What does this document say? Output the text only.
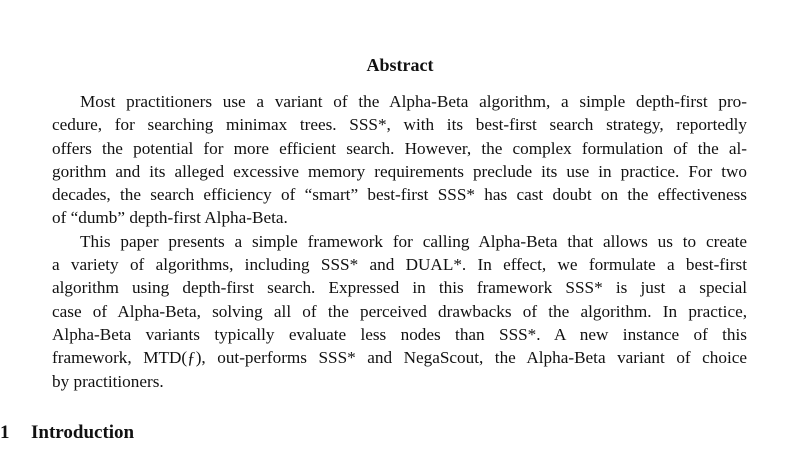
Abstract
Most practitioners use a variant of the Alpha-Beta algorithm, a simple depth-first pro-
cedure, for searching minimax trees. SSS*, with its best-first search strategy, reportedly
offers the potential for more efficient search. However, the complex formulation of the al-
gorithm and its alleged excessive memory requirements preclude its use in practice. For two
decades, the search efficiency of “smart” best-first SSS* has cast doubt on the effectiveness
of “dumb” depth-first Alpha-Beta.
This paper presents a simple framework for calling Alpha-Beta that allows us to create
a variety of algorithms, including SSS* and DUAL*. In effect, we formulate a best-first
algorithm using depth-first search. Expressed in this framework SSS* is just a special
case of Alpha-Beta, solving all of the perceived drawbacks of the algorithm. In practice,
Alpha-Beta variants typically evaluate less nodes than SSS*. A new instance of this
framework, MTD(ƒ), out-performs SSS* and NegaScout, the Alpha-Beta variant of choice
by practitioners.
1 Introduction
